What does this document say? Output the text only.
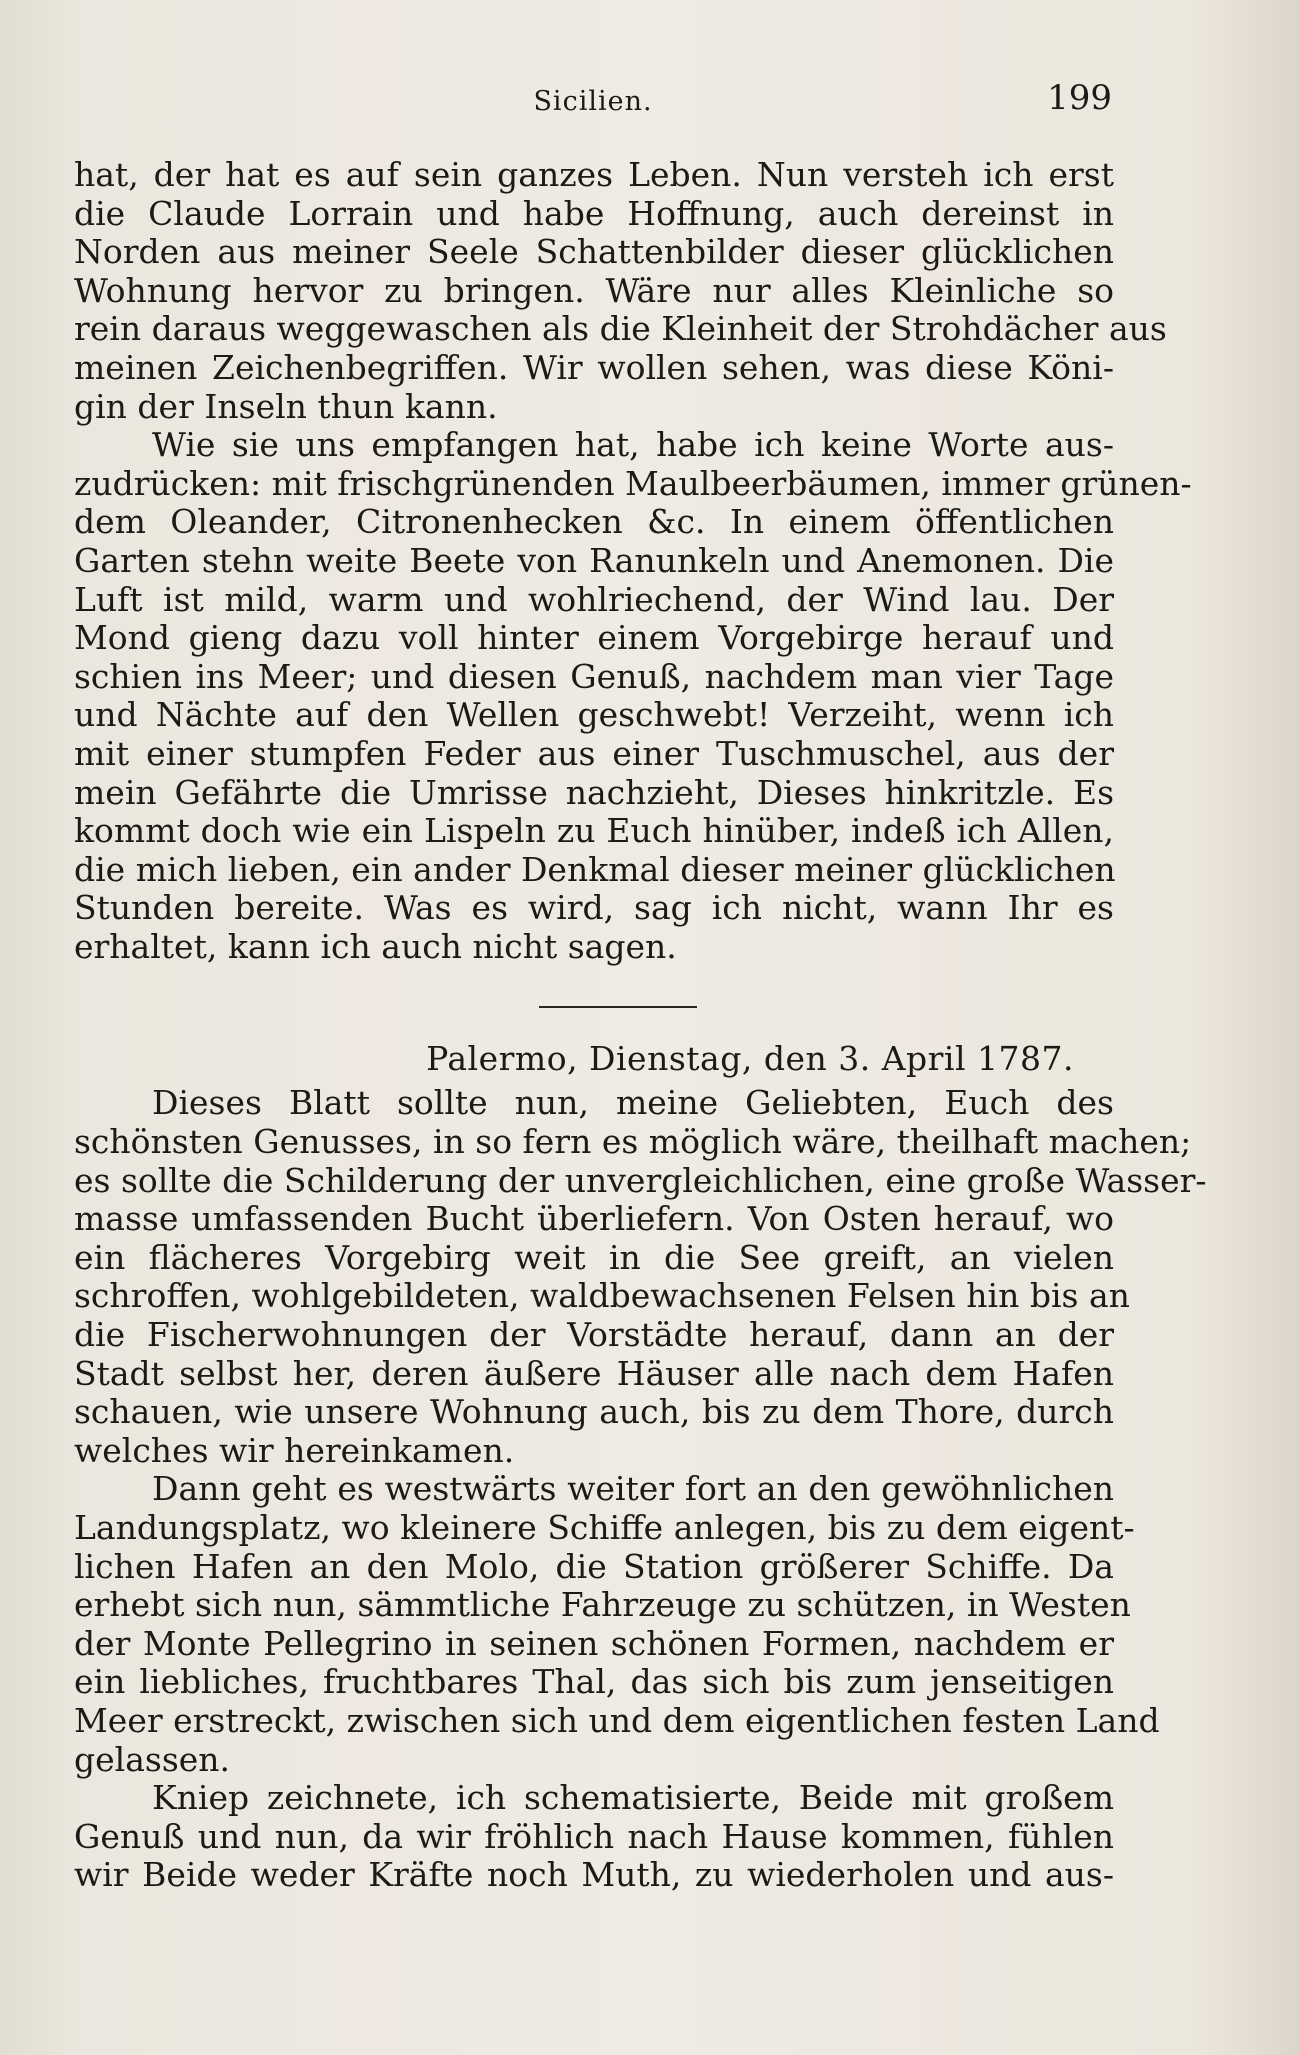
Sicilien.	199
hat, der hat es auf sein ganzes Leben. Nun versteh ich erst
die Claude Lorrain und habe Hoffnung, auch dereinst in
Norden aus meiner Seele Schattenbilder dieser glücklichen
Wohnung hervor zu bringen. Wäre nur alles Kleinliche so
rein daraus weggewaschen als die Kleinheit der Strohdächer aus
meinen Zeichenbegriffen. Wir wollen sehen, was diese Köni-
gin der Inseln thun kann.
Wie sie uns empfangen hat, habe ich keine Worte aus-
zudrücken: mit frischgrünenden Maulbeerbäumen, immer grünen-
dem Oleander, Citronenhecken &c. In einem öffentlichen
Garten stehn weite Beete von Ranunkeln und Anemonen. Die
Luft ist mild, warm und wohlriechend, der Wind lau. Der
Mond gieng dazu voll hinter einem Vorgebirge herauf und
schien ins Meer; und diesen Genuß, nachdem man vier Tage
und Nächte auf den Wellen geschwebt! Verzeiht, wenn ich
mit einer stumpfen Feder aus einer Tuschmuschel, aus der
mein Gefährte die Umrisse nachzieht, Dieses hinkritzle. Es
kommt doch wie ein Lispeln zu Euch hinüber, indeß ich Allen,
die mich lieben, ein ander Denkmal dieser meiner glücklichen
Stunden bereite. Was es wird, sag ich nicht, wann Ihr es
erhaltet, kann ich auch nicht sagen.
Palermo, Dienstag, den 3. April 1787.
Dieses Blatt sollte nun, meine Geliebten, Euch des
schönsten Genusses, in so fern es möglich wäre, theilhaft machen;
es sollte die Schilderung der unvergleichlichen, eine große Wasser-
masse umfassenden Bucht überliefern. Von Osten herauf, wo
ein flächeres Vorgebirg weit in die See greift, an vielen
schroffen, wohlgebildeten, waldbewachsenen Felsen hin bis an
die Fischerwohnungen der Vorstädte herauf, dann an der
Stadt selbst her, deren äußere Häuser alle nach dem Hafen
schauen, wie unsere Wohnung auch, bis zu dem Thore, durch
welches wir hereinkamen.
Dann geht es westwärts weiter fort an den gewöhnlichen
Landungsplatz, wo kleinere Schiffe anlegen, bis zu dem eigent-
lichen Hafen an den Molo, die Station größerer Schiffe. Da
erhebt sich nun, sämmtliche Fahrzeuge zu schützen, in Westen
der Monte Pellegrino in seinen schönen Formen, nachdem er
ein liebliches, fruchtbares Thal, das sich bis zum jenseitigen
Meer erstreckt, zwischen sich und dem eigentlichen festen Land
gelassen.
Kniep zeichnete, ich schematisierte, Beide mit großem
Genuß und nun, da wir fröhlich nach Hause kommen, fühlen
wir Beide weder Kräfte noch Muth, zu wiederholen und aus-
